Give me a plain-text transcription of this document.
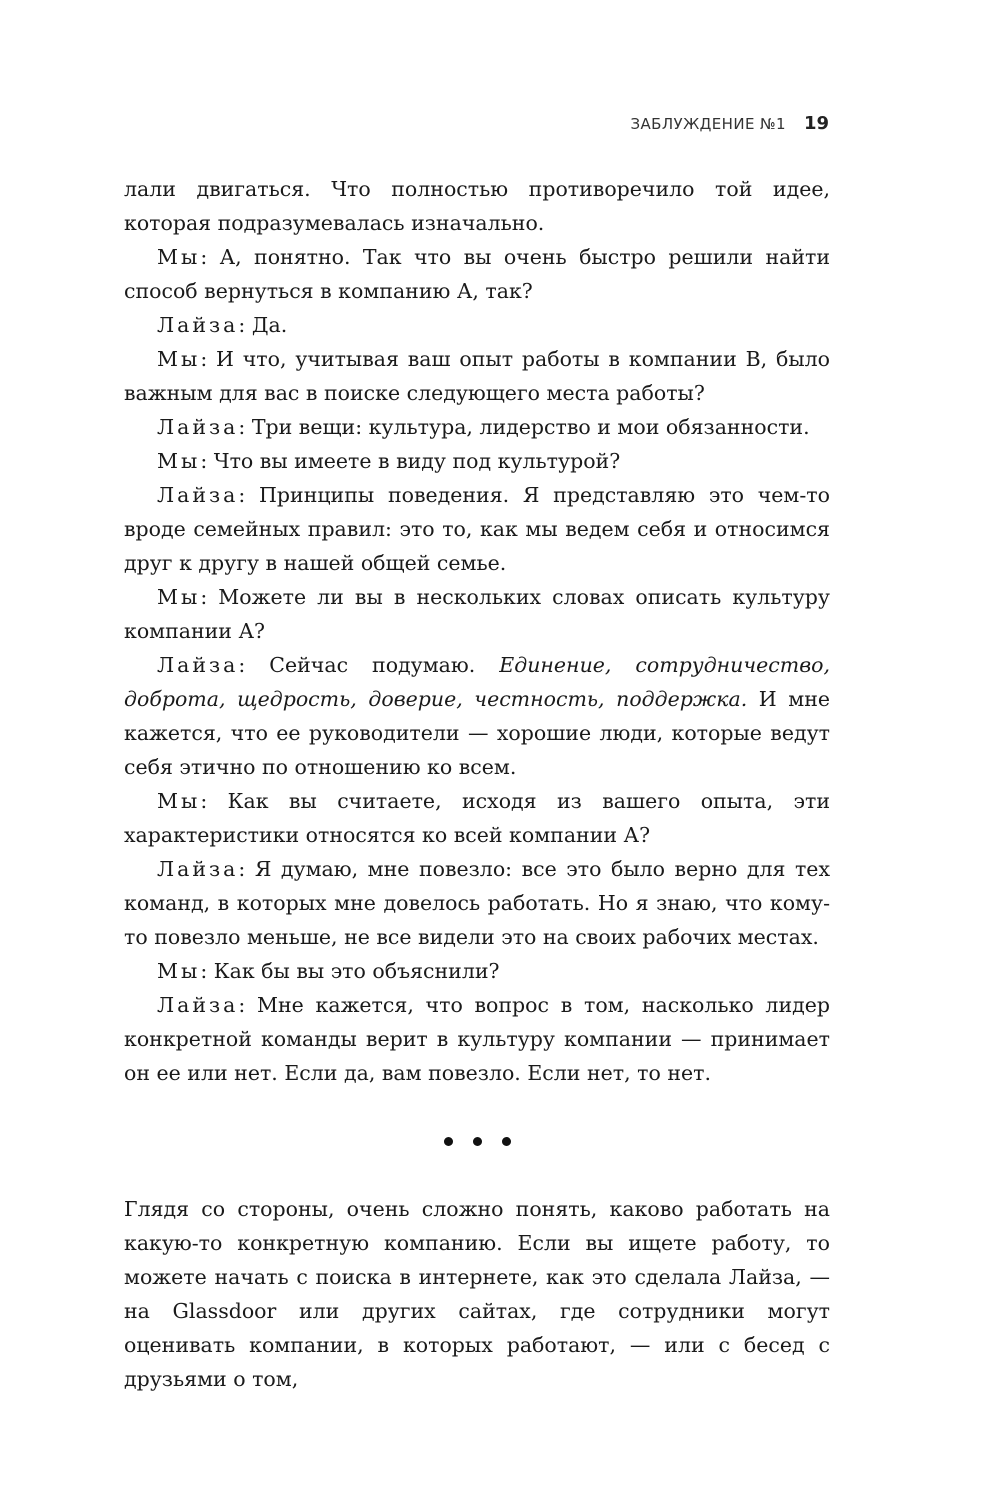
ЗАБЛУЖДЕНИЕ №1 19

лали двигаться. Что полностью противоречило той идее, которая подразумевалась изначально.

Мы: А, понятно. Так что вы очень быстро решили найти способ вернуться в компанию А, так?

Лайза: Да.

Мы: И что, учитывая ваш опыт работы в компании В, было важным для вас в поиске следующего места работы?

Лайза: Три вещи: культура, лидерство и мои обязанности.

Мы: Что вы имеете в виду под культурой?

Лайза: Принципы поведения. Я представляю это чем-то вроде семейных правил: это то, как мы ведем себя и относимся друг к другу в нашей общей семье.

Мы: Можете ли вы в нескольких словах описать культуру компании А?

Лайза: Сейчас подумаю. Единение, сотрудничество, доброта, щедрость, доверие, честность, поддержка. И мне кажется, что ее руководители — хорошие люди, которые ведут себя этично по отношению ко всем.

Мы: Как вы считаете, исходя из вашего опыта, эти характеристики относятся ко всей компании А?

Лайза: Я думаю, мне повезло: все это было верно для тех команд, в которых мне довелось работать. Но я знаю, что кому-то повезло меньше, не все видели это на своих рабочих местах.

Мы: Как бы вы это объяснили?

Лайза: Мне кажется, что вопрос в том, насколько лидер конкретной команды верит в культуру компании — принимает он ее или нет. Если да, вам повезло. Если нет, то нет.

Глядя со стороны, очень сложно понять, каково работать на какую-то конкретную компанию. Если вы ищете работу, то можете начать с поиска в интернете, как это сделала Лайза, — на Glassdoor или других сайтах, где сотрудники могут оценивать компании, в которых работают, — или с бесед с друзьями о том,
